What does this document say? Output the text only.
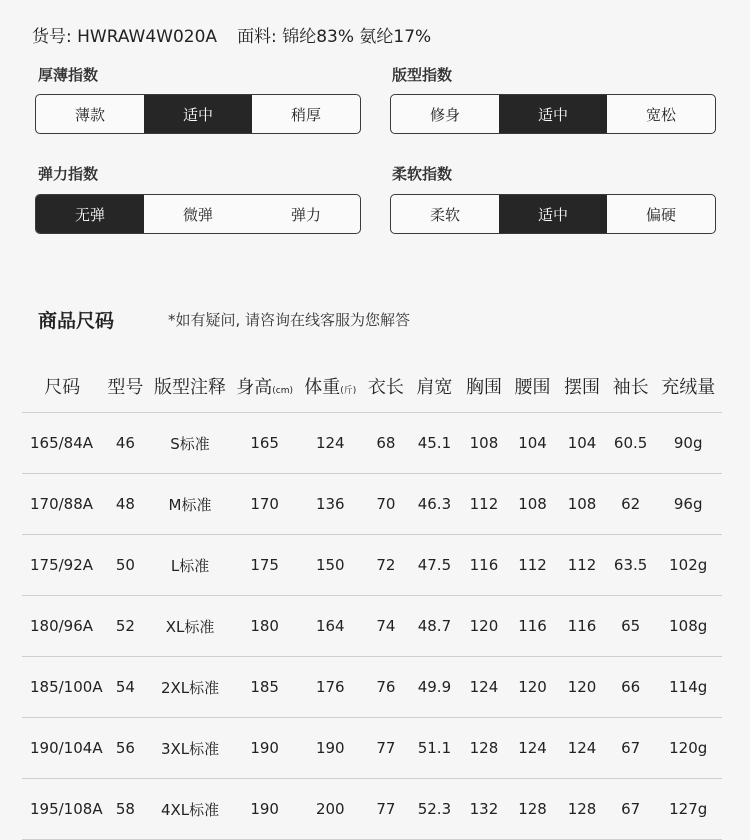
货号: HWRAW4W020A 面料: 锦纶83% 氨纶17%
厚薄指数
薄款	适中	稍厚
版型指数
修身	适中	宽松
弹力指数
无弹	微弹	弹力
柔软指数
柔软	适中	偏硬
商品尺码	*如有疑问, 请咨询在线客服为您解答
尺码	型号	版型注释	身高(cm)	体重(斤)	衣长	肩宽	胸围	腰围	摆围	袖长	充绒量
165/84A	46	S标准	165	124	68	45.1	108	104	104	60.5	90g
170/88A	48	M标准	170	136	70	46.3	112	108	108	62	96g
175/92A	50	L标准	175	150	72	47.5	116	112	112	63.5	102g
180/96A	52	XL标准	180	164	74	48.7	120	116	116	65	108g
185/100A	54	2XL标准	185	176	76	49.9	124	120	120	66	114g
190/104A	56	3XL标准	190	190	77	51.1	128	124	124	67	120g
195/108A	58	4XL标准	190	200	77	52.3	132	128	128	67	127g
